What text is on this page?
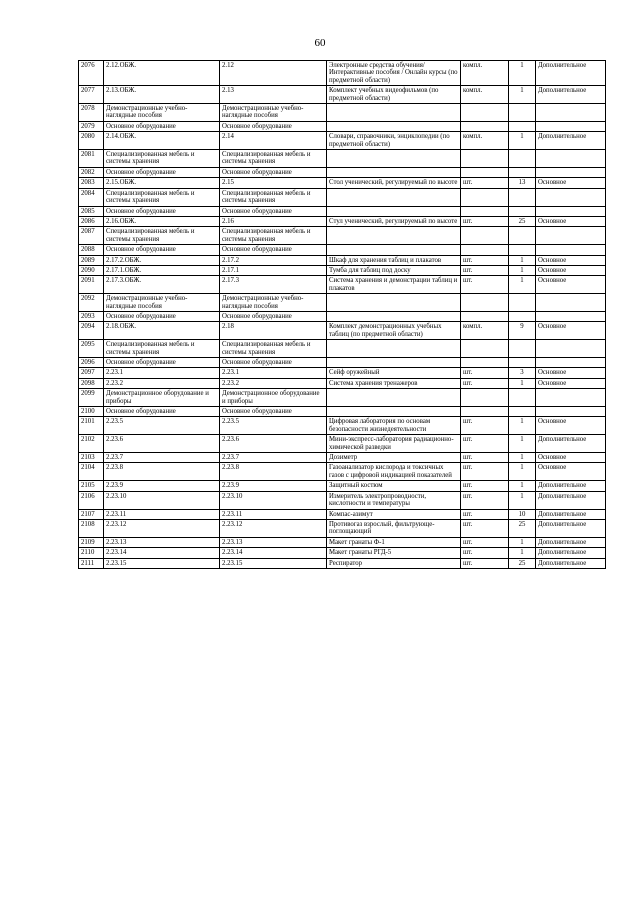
60
2076	2.12.ОБЖ.	2.12	Электронные средства обучения/Интерактивные пособия / Онлайн курсы (по предметной области)	компл.	1	Дополнительное
2077	2.13.ОБЖ.	2.13	Комплект учебных видеофильмов (по предметной области)	компл.	1	Дополнительное
2078	Демонстрационные учебно-наглядные пособия	Демонстрационные учебно-наглядные пособия				
2079	Основное оборудование	Основное оборудование				
2080	2.14.ОБЖ.	2.14	Словари, справочники, энциклопедии (по предметной области)	компл.	1	Дополнительное
2081	Специализированная мебель и системы хранения	Специализированная мебель и системы хранения				
2082	Основное оборудование	Основное оборудование				
2083	2.15.ОБЖ.	2.15	Стол ученический, регулируемый по высоте	шт.	13	Основное
2084	Специализированная мебель и системы хранения	Специализированная мебель и системы хранения				
2085	Основное оборудование	Основное оборудование				
2086	2.16.ОБЖ.	2.16	Стул ученический, регулируемый по высоте	шт.	25	Основное
2087	Специализированная мебель и системы хранения	Специализированная мебель и системы хранения				
2088	Основное оборудование	Основное оборудование				
2089	2.17.2.ОБЖ.	2.17.2	Шкаф для хранения таблиц и плакатов	шт.	1	Основное
2090	2.17.1.ОБЖ.	2.17.1	Тумба для таблиц под доску	шт.	1	Основное
2091	2.17.3.ОБЖ.	2.17.3	Система хранения и демонстрации таблиц и плакатов	шт.	1	Основное
2092	Демонстрационные учебно-наглядные пособия	Демонстрационные учебно-наглядные пособия				
2093	Основное оборудование	Основное оборудование				
2094	2.18.ОБЖ.	2.18	Комплект демонстрационных учебных таблиц (по предметной области)	компл.	9	Основное
2095	Специализированная мебель и системы хранения	Специализированная мебель и системы хранения				
2096	Основное оборудование	Основное оборудование				
2097	2.23.1	2.23.1	Сейф оружейный	шт.	3	Основное
2098	2.23.2	2.23.2	Система хранения тренажеров	шт.	1	Основное
2099	Демонстрационное оборудование и приборы	Демонстрационное оборудование и приборы				
2100	Основное оборудование	Основное оборудование				
2101	2.23.5	2.23.5	Цифровая лаборатория по основам безопасности жизнедеятельности	шт.	1	Основное
2102	2.23.6	2.23.6	Мини-экспресс-лаборатория радиационно-химической разведки	шт.	1	Дополнительное
2103	2.23.7	2.23.7	Дозиметр	шт.	1	Основное
2104	2.23.8	2.23.8	Газоанализатор кислорода и токсичных газов с цифровой индикацией показателей	шт.	1	Основное
2105	2.23.9	2.23.9	Защитный костюм	шт.	1	Дополнительное
2106	2.23.10	2.23.10	Измеритель электропроводности, кислотности и температуры	шт.	1	Дополнительное
2107	2.23.11	2.23.11	Компас-азимут	шт.	10	Дополнительное
2108	2.23.12	2.23.12	Противогаз взрослый, фильтрующе-поглощающий	шт.	25	Дополнительное
2109	2.23.13	2.23.13	Макет гранаты Ф-1	шт.	1	Дополнительное
2110	2.23.14	2.23.14	Макет гранаты РГД-5	шт.	1	Дополнительное
2111	2.23.15	2.23.15	Респиратор	шт.	25	Дополнительное
